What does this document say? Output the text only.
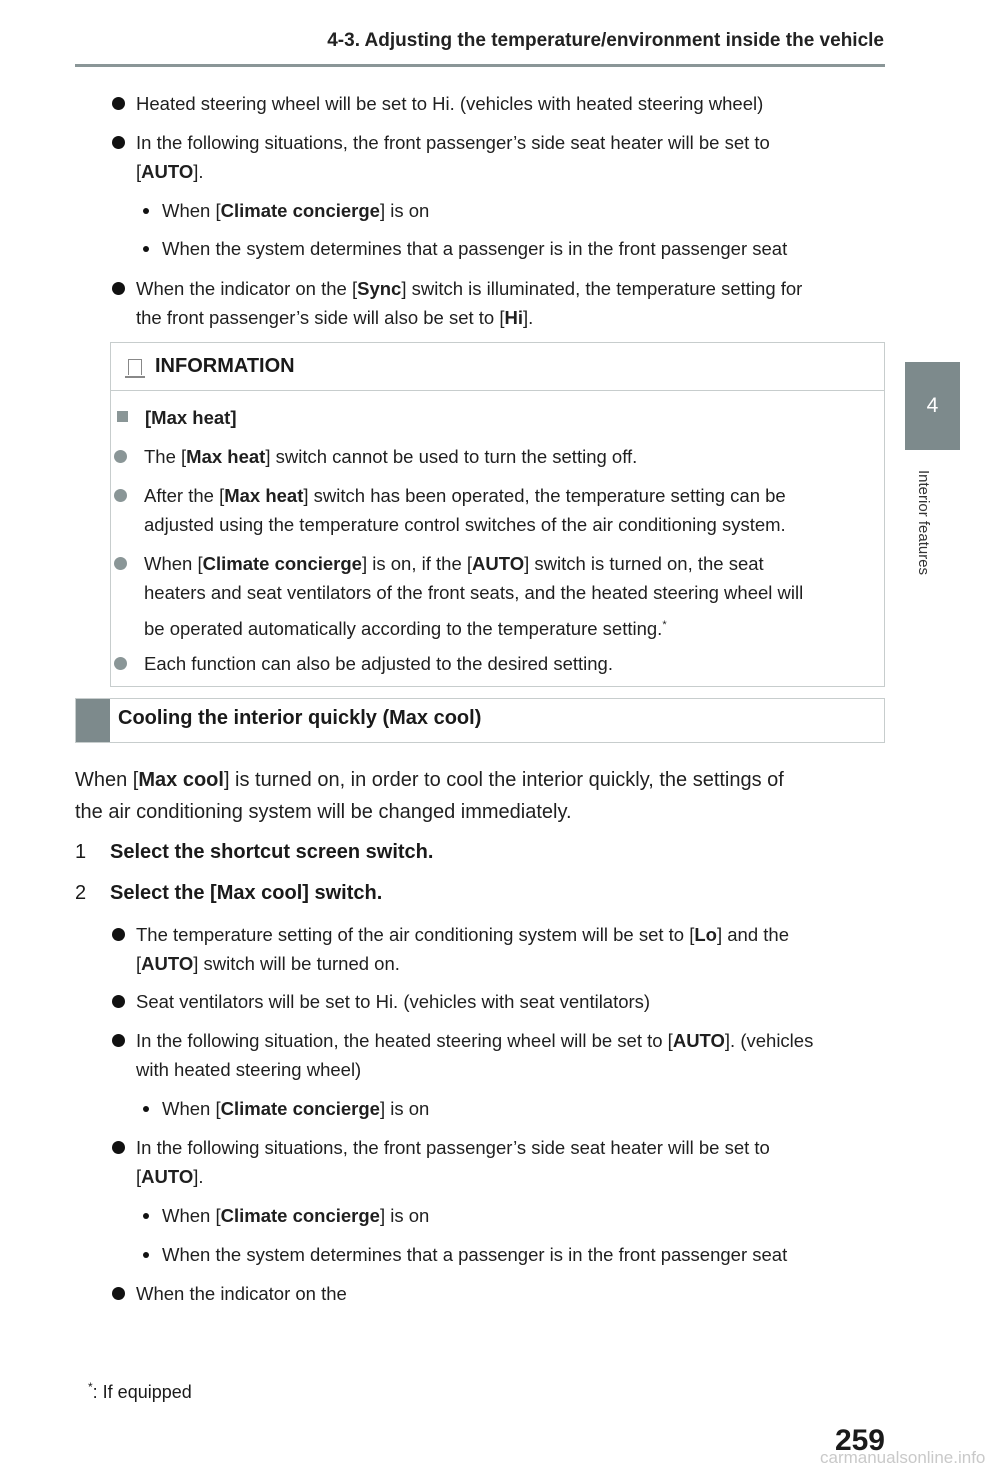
4-3. Adjusting the temperature/environment inside the vehicle
4
Interior features
Heated steering wheel will be set to Hi. (vehicles with heated steering wheel)
In the following situations, the front passenger’s side seat heater will be set to
[AUTO].
When [Climate concierge] is on
When the system determines that a passenger is in the front passenger seat
When the indicator on the [Sync] switch is illuminated, the temperature setting for
the front passenger’s side will also be set to [Hi].
INFORMATION
[Max heat]
The [Max heat] switch cannot be used to turn the setting off.
After the [Max heat] switch has been operated, the temperature setting can be
adjusted using the temperature control switches of the air conditioning system.
When [Climate concierge] is on, if the [AUTO] switch is turned on, the seat
heaters and seat ventilators of the front seats, and the heated steering wheel will
be operated automatically according to the temperature setting.*
Each function can also be adjusted to the desired setting.
Cooling the interior quickly (Max cool)
When [Max cool] is turned on, in order to cool the interior quickly, the settings of
the air conditioning system will be changed immediately.
1 Select the shortcut screen switch.
2 Select the [Max cool] switch.
The temperature setting of the air conditioning system will be set to [Lo] and the
[AUTO] switch will be turned on.
Seat ventilators will be set to Hi. (vehicles with seat ventilators)
In the following situation, the heated steering wheel will be set to [AUTO]. (vehicles
with heated steering wheel)
When [Climate concierge] is on
In the following situations, the front passenger’s side seat heater will be set to
[AUTO].
When [Climate concierge] is on
When the system determines that a passenger is in the front passenger seat
When the indicator on the
*: If equipped
259
carmanualsonline.info
